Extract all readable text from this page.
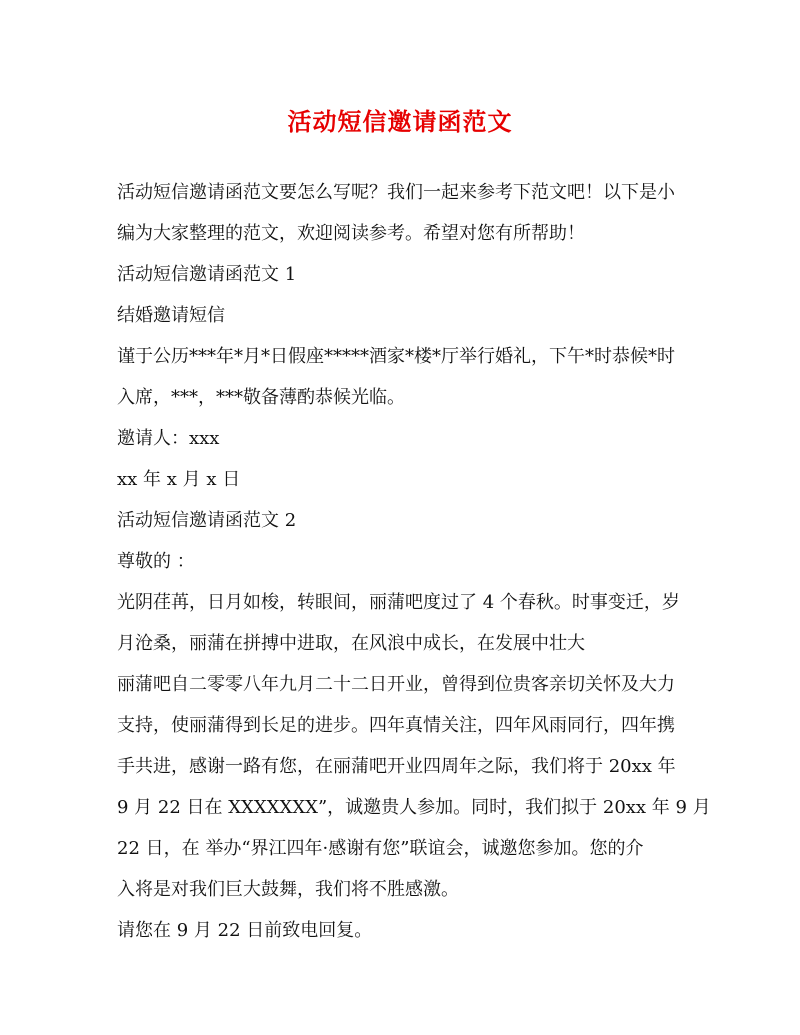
活动短信邀请函范文

活动短信邀请函范文要怎么写呢？我们一起来参考下范文吧！以下是小

编为大家整理的范文，欢迎阅读参考。希望对您有所帮助！

活动短信邀请函范文 1

结婚邀请短信

谨于公历***年*月*日假座*****酒家*楼*厅举行婚礼，下午*时恭候*时

入席，***，***敬备薄酌恭候光临。

邀请人：xxx

xx 年 x 月 x 日

活动短信邀请函范文 2

尊敬的 ：

光阴荏苒，日月如梭，转眼间，丽蒲吧度过了 4 个春秋。时事变迁，岁

月沧桑，丽蒲在拼搏中进取，在风浪中成长，在发展中壮大

丽蒲吧自二零零八年九月二十二日开业，曾得到位贵客亲切关怀及大力

支持，使丽蒲得到长足的进步。四年真情关注，四年风雨同行，四年携

手共进，感谢一路有您，在丽蒲吧开业四周年之际，我们将于 20xx 年

9 月 22 日在 XXXXXXX”，诚邀贵人参加。同时，我们拟于 20xx 年 9 月

22 日，在 举办“界江四年·感谢有您”联谊会，诚邀您参加。您的介

入将是对我们巨大鼓舞，我们将不胜感激。

请您在 9 月 22 日前致电回复。
